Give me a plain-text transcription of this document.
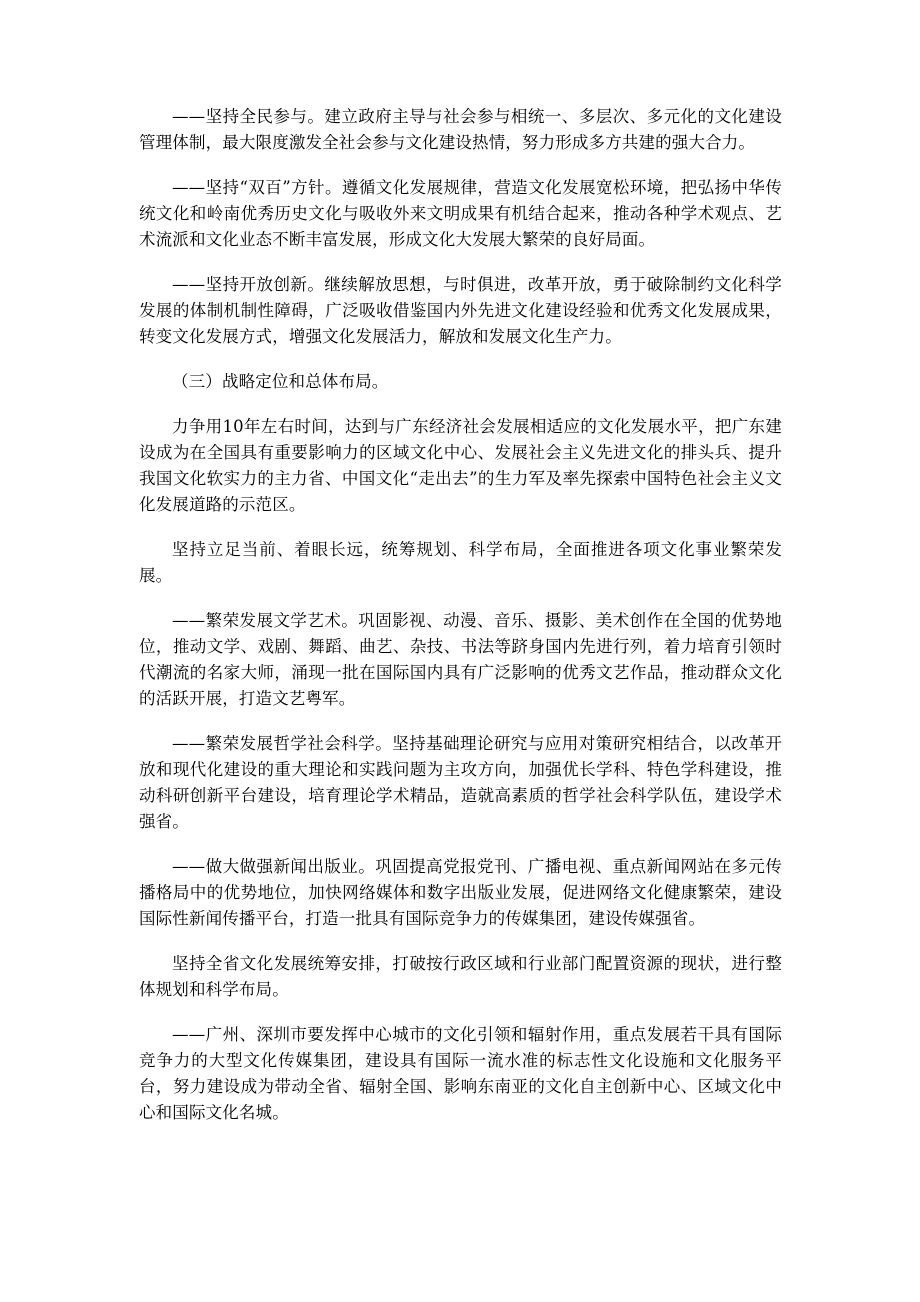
——坚持全民参与。建立政府主导与社会参与相统一、多层次、多元化的文化建设管理体制，最大限度激发全社会参与文化建设热情，努力形成多方共建的强大合力。

——坚持“双百”方针。遵循文化发展规律，营造文化发展宽松环境，把弘扬中华传统文化和岭南优秀历史文化与吸收外来文明成果有机结合起来，推动各种学术观点、艺术流派和文化业态不断丰富发展，形成文化大发展大繁荣的良好局面。

——坚持开放创新。继续解放思想，与时俱进，改革开放，勇于破除制约文化科学发展的体制机制性障碍，广泛吸收借鉴国内外先进文化建设经验和优秀文化发展成果，转变文化发展方式，增强文化发展活力，解放和发展文化生产力。

（三）战略定位和总体布局。

力争用10年左右时间，达到与广东经济社会发展相适应的文化发展水平，把广东建设成为在全国具有重要影响力的区域文化中心、发展社会主义先进文化的排头兵、提升我国文化软实力的主力省、中国文化“走出去”的生力军及率先探索中国特色社会主义文化发展道路的示范区。

坚持立足当前、着眼长远，统筹规划、科学布局，全面推进各项文化事业繁荣发展。

——繁荣发展文学艺术。巩固影视、动漫、音乐、摄影、美术创作在全国的优势地位，推动文学、戏剧、舞蹈、曲艺、杂技、书法等跻身国内先进行列，着力培育引领时代潮流的名家大师，涌现一批在国际国内具有广泛影响的优秀文艺作品，推动群众文化的活跃开展，打造文艺粤军。

——繁荣发展哲学社会科学。坚持基础理论研究与应用对策研究相结合，以改革开放和现代化建设的重大理论和实践问题为主攻方向，加强优长学科、特色学科建设，推动科研创新平台建设，培育理论学术精品，造就高素质的哲学社会科学队伍，建设学术强省。

——做大做强新闻出版业。巩固提高党报党刊、广播电视、重点新闻网站在多元传播格局中的优势地位，加快网络媒体和数字出版业发展，促进网络文化健康繁荣，建设国际性新闻传播平台，打造一批具有国际竞争力的传媒集团，建设传媒强省。

坚持全省文化发展统筹安排，打破按行政区域和行业部门配置资源的现状，进行整体规划和科学布局。

——广州、深圳市要发挥中心城市的文化引领和辐射作用，重点发展若干具有国际竞争力的大型文化传媒集团，建设具有国际一流水准的标志性文化设施和文化服务平台，努力建设成为带动全省、辐射全国、影响东南亚的文化自主创新中心、区域文化中心和国际文化名城。
